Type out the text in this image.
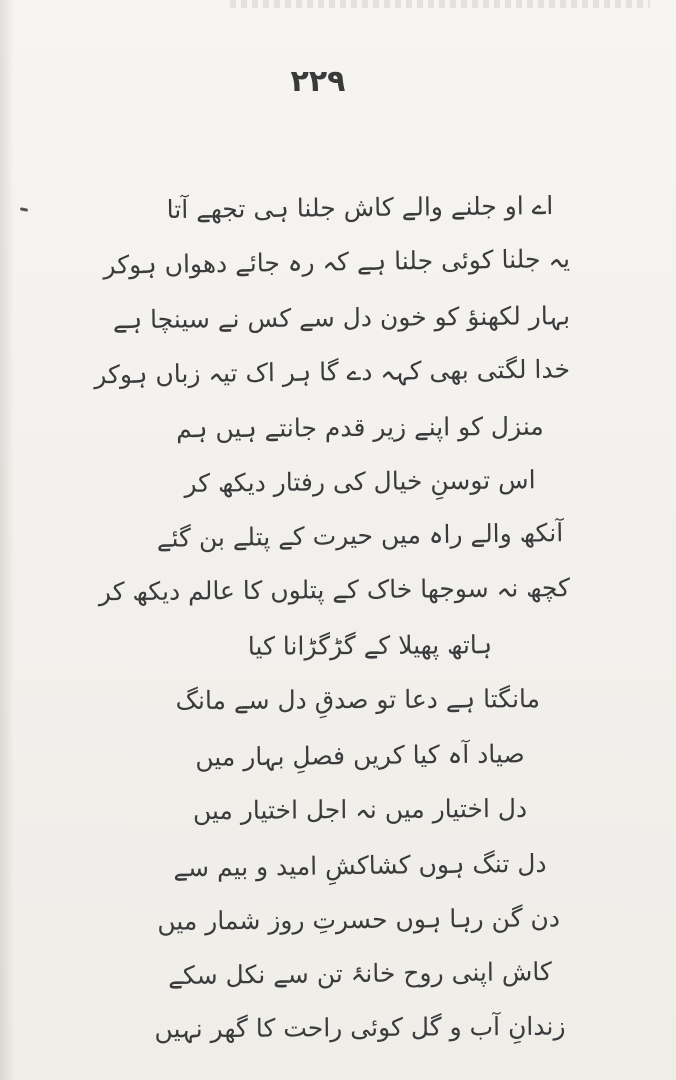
۲۲۹
اے او جلنے والے کاش جلنا ہی تجھے آتا
یہ جلنا کوئی جلنا ہے کہ رہ جائے دھواں ہوکر
بہار لکھنؤ کو خون دل سے کس نے سینچا ہے
خدا لگتی بھی کہہ دے گا ہر اک تیہ زباں ہوکر
منزل کو اپنے زیر قدم جانتے ہیں ہم
اس توسنِ خیال کی رفتار دیکھ کر
آنکھ والے راہ میں حیرت کے پتلے بن گئے
کچھ نہ سوجھا خاک کے پتلوں کا عالم دیکھ کر
ہاتھ پھیلا کے گڑگڑانا کیا
مانگتا ہے دعا تو صدقِ دل سے مانگ
صیاد آہ کیا کریں فصلِ بہار میں
دل اختیار میں نہ اجل اختیار میں
دل تنگ ہوں کشاکشِ امید و بیم سے
دن گن رہا ہوں حسرتِ روز شمار میں
کاش اپنی روح خانۂ تن سے نکل سکے
زندانِ آب و گل کوئی راحت کا گھر نہیں
